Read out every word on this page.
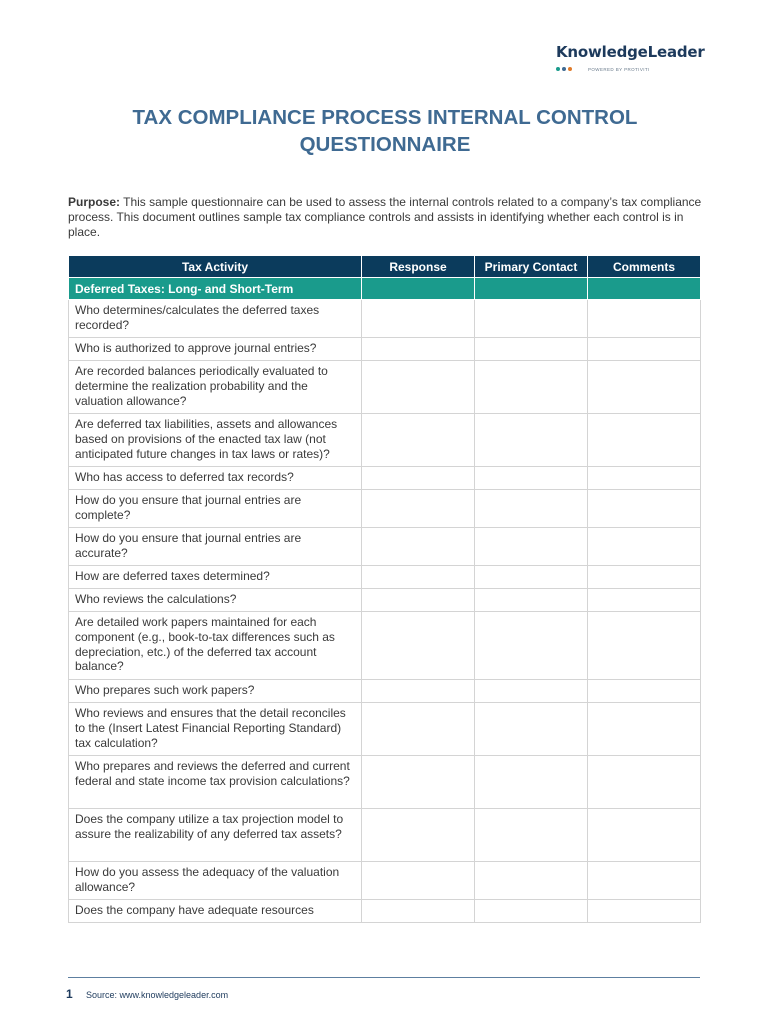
KnowledgeLeader
POWERED BY PROTIVITI
TAX COMPLIANCE PROCESS INTERNAL CONTROL QUESTIONNAIRE

Purpose: This sample questionnaire can be used to assess the internal controls related to a company’s tax compliance process. This document outlines sample tax compliance controls and assists in identifying whether each control is in place.

Tax Activity	Response	Primary Contact	Comments
Deferred Taxes: Long- and Short-Term			
Who determines/calculates the deferred taxes recorded?			
Who is authorized to approve journal entries?			
Are recorded balances periodically evaluated to determine the realization probability and the valuation allowance?			
Are deferred tax liabilities, assets and allowances based on provisions of the enacted tax law (not anticipated future changes in tax laws or rates)?			
Who has access to deferred tax records?			
How do you ensure that journal entries are complete?			
How do you ensure that journal entries are accurate?			
How are deferred taxes determined?			
Who reviews the calculations?			
Are detailed work papers maintained for each component (e.g., book-to-tax differences such as depreciation, etc.) of the deferred tax account balance?			
Who prepares such work papers?			
Who reviews and ensures that the detail reconciles to the (Insert Latest Financial Reporting Standard) tax calculation?			
Who prepares and reviews the deferred and current federal and state income tax provision calculations?			
Does the company utilize a tax projection model to assure the realizability of any deferred tax assets?			
How do you assess the adequacy of the valuation allowance?			
Does the company have adequate resources			
1 Source: www.knowledgeleader.com
